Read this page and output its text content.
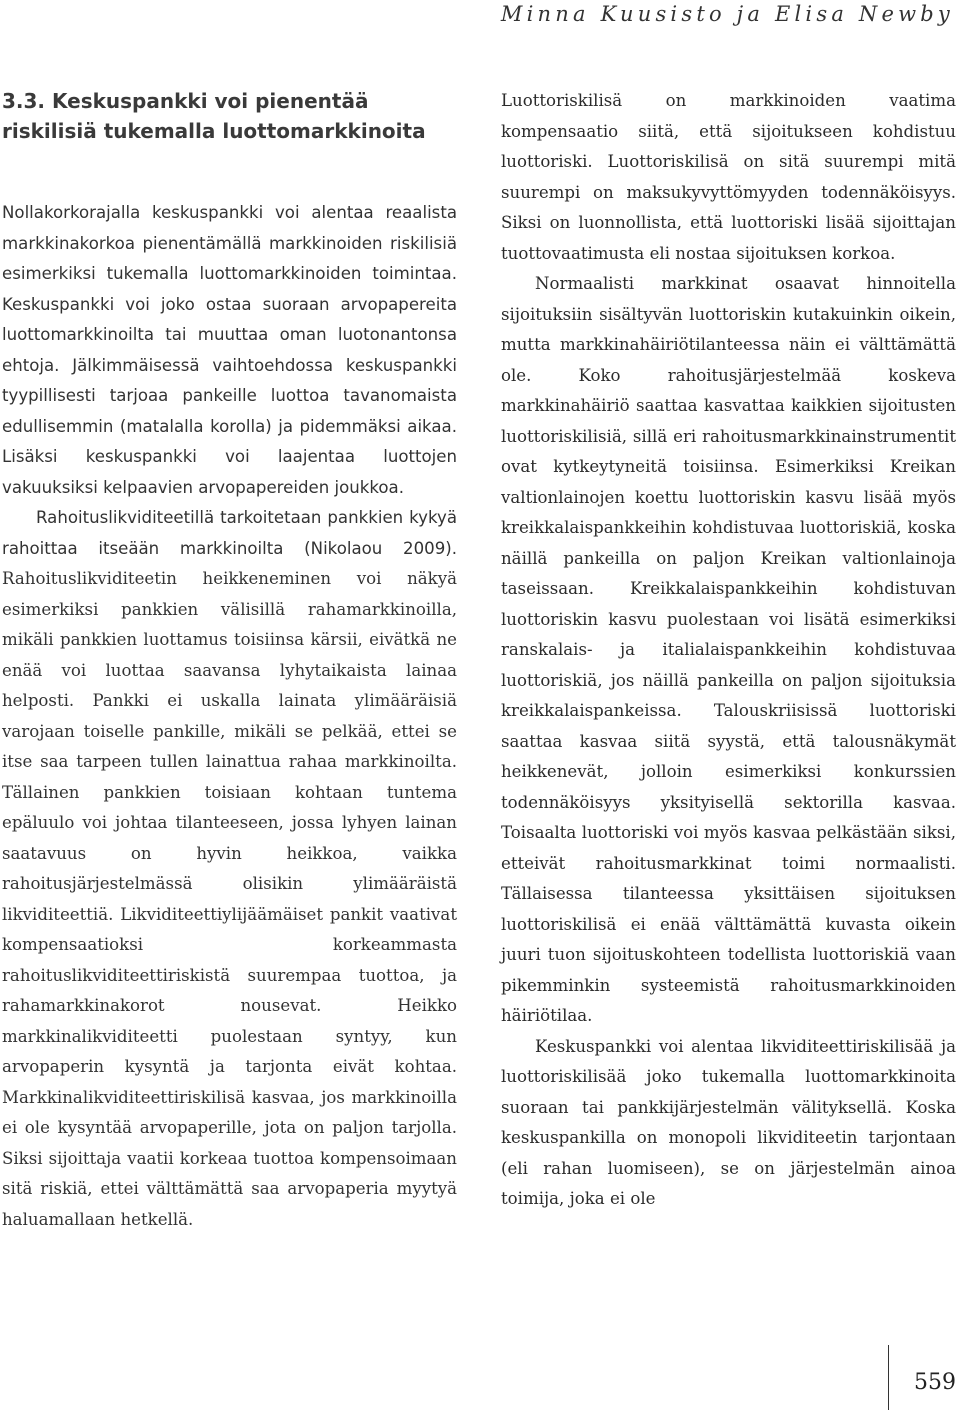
Minna Kuusisto ja Elisa Newby
3.3. Keskuspankki voi pienentää riskilisiä tukemalla luottomarkkinoita

Nollakorkorajalla keskuspankki voi alentaa reaalista markkinakorkoa pienentämällä markkinoiden riskilisiä esimerkiksi tukemalla luottomarkkinoiden toimintaa. Keskuspankki voi joko ostaa suoraan arvopapereita luottomarkkinoilta tai muuttaa oman luotonantonsa ehtoja. Jälkimmäisessä vaihtoehdossa keskuspankki tyypillisesti tarjoaa pankeille luottoa tavanomaista edullisemmin (matalalla korolla) ja pidemmäksi aikaa. Lisäksi keskuspankki voi laajentaa luottojen vakuuksiksi kelpaavien arvopapereiden joukkoa.

Rahoituslikviditeetillä tarkoitetaan pankkien kykyä rahoittaa itseään markkinoilta (Nikolaou 2009). Rahoituslikviditeetin heikkeneminen voi näkyä esimerkiksi pankkien välisillä rahamarkkinoilla, mikäli pankkien luottamus toisiinsa kärsii, eivätkä ne enää voi luottaa saavansa lyhytaikaista lainaa helposti. Pankki ei uskalla lainata ylimääräisiä varojaan toiselle pankille, mikäli se pelkää, ettei se itse saa tarpeen tullen lainattua rahaa markkinoilta. Tällainen pankkien toisiaan kohtaan tuntema epäluulo voi johtaa tilanteeseen, jossa lyhyen lainan saatavuus on hyvin heikkoa, vaikka rahoitusjärjestelmässä olisikin ylimääräistä likviditeettiä. Likviditeettiylijäämäiset pankit vaativat kompensaatioksi korkeammasta rahoituslikviditeettiriskistä suurempaa tuottoa, ja rahamarkkinakorot nousevat. Heikko markkinalikviditeetti puolestaan syntyy, kun arvopaperin kysyntä ja tarjonta eivät kohtaa. Markkinalikviditeettiriskilisä kasvaa, jos markkinoilla ei ole kysyntää arvopaperille, jota on paljon tarjolla. Siksi sijoittaja vaatii korkeaa tuottoa kompensoimaan sitä riskiä, ettei välttämättä saa arvopaperia myytyä haluamallaan hetkellä.

Luottoriskilisä on markkinoiden vaatima kompensaatio siitä, että sijoitukseen kohdistuu luottoriski. Luottoriskilisä on sitä suurempi mitä suurempi on maksukyvyttömyyden todennäköisyys. Siksi on luonnollista, että luottoriski lisää sijoittajan tuottovaatimusta eli nostaa sijoituksen korkoa.

Normaalisti markkinat osaavat hinnoitella sijoituksiin sisältyvän luottoriskin kutakuinkin oikein, mutta markkinahäiriötilanteessa näin ei välttämättä ole. Koko rahoitusjärjestelmää koskeva markkinahäiriö saattaa kasvattaa kaikkien sijoitusten luottoriskilisiä, sillä eri rahoitusmarkkinainstrumentit ovat kytkeytyneitä toisiinsa. Esimerkiksi Kreikan valtionlainojen koettu luottoriskin kasvu lisää myös kreikkalaispankkeihin kohdistuvaa luottoriskiä, koska näillä pankeilla on paljon Kreikan valtionlainoja taseissaan. Kreikkalaispankkeihin kohdistuvan luottoriskin kasvu puolestaan voi lisätä esimerkiksi ranskalais- ja italialaispankkeihin kohdistuvaa luottoriskiä, jos näillä pankeilla on paljon sijoituksia kreikkalaispankeissa. Talouskriisissä luottoriski saattaa kasvaa siitä syystä, että talousnäkymät heikkenevät, jolloin esimerkiksi konkurssien todennäköisyys yksityisellä sektorilla kasvaa. Toisaalta luottoriski voi myös kasvaa pelkästään siksi, etteivät rahoitusmarkkinat toimi normaalisti. Tällaisessa tilanteessa yksittäisen sijoituksen luottoriskilisä ei enää välttämättä kuvasta oikein juuri tuon sijoituskohteen todellista luottoriskiä vaan pikemminkin systeemistä rahoitusmarkkinoiden häiriötilaa.

Keskuspankki voi alentaa likviditeettiriskilisää ja luottoriskilisää joko tukemalla luottomarkkinoita suoraan tai pankkijärjestelmän välityksellä. Koska keskuspankilla on monopoli likviditeetin tarjontaan (eli rahan luomiseen), se on järjestelmän ainoa toimija, joka ei ole

559
